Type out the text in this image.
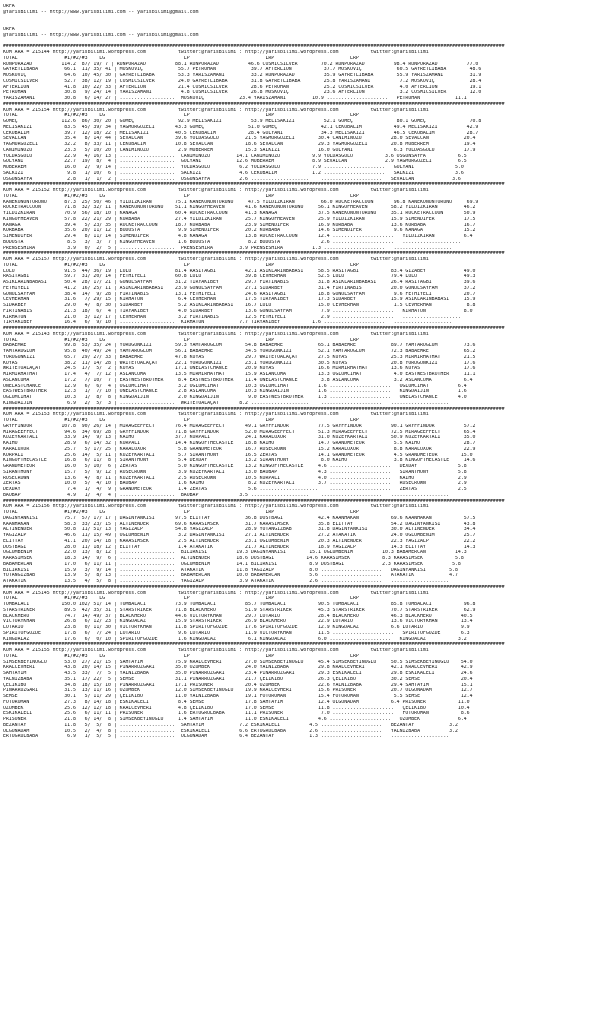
URFA
@YarisBilimi -- http://www.yarisbilimi.com -- yarisbilimi@gmail.com
URFA
@YarisBilimi -- http://www.yarisbilimi.com -- yarisbilimi@gmail.com
############################################################################################################################################################################
KUM ARA = 215144 http://yarisbilimi.wordpress.com           twitter:@YarisBilimi : http://yarisbilimi.wordpress.com           twitter:@YarisBilimi
TOTAL                #1/#2/#3    LG                           LP                          LRP                          LRP
RUNPORAZAD          114.2  87/ 19/ 7 | RUNPORAZAD          88.1 RUNPORAZAD          46.6 COSMICSILVER        70.2 RUNPORAZAD          98.4 RUNPORAZAD          77.0
GAYRETLIBABA         66.1  11/ 35/ 41 | MOSKOVIÇ            55.7 PETROHAN            39.7 AFTERLION           37.7 MOSKOVIÇ            60.5 GAYRETLIBABA        48.6
MOSKOVIÇ             64.6  10/ 45/ 30 | GAYRETLIBABA        53.3 YARISZAMANI         33.2 RUNPORAZAD          35.9 GAYRETLIBABA        55.9 YARISZAMANI         31.9
COSMICSILVER         52.7  38/ 12/ 19 | COSMICSILVER        24.0 GAYRETLIBABA        31.8 GAYRETLIBABA        25.8 YARISZAMANI          7.2 MOSKOVIÇ            28.4
AFTERLION            41.8  10/ 22/ 33 | AFTERLION           21.4 COSMICSILVER        28.6 PETROHAN            25.2 COSMICSILVER         4.0 AFTERLION           19.1
PETROHAN             30.8   9/ 24/ 14 | YARISZAMANI          4.8 COSMICSILVER        26.8 MOSKOVIÇ            23.6 AFTERLION            3.2 COSMICSILVER        12.0
YARISZAMANI          30.8   6/ 14/ 27 | ...................  MOSKOVIÇ            23.4 YARISZAMANI         10.9 .....................   PETROHAN            11.1
############################################################################################################################################################################
KUM ARA = 215154 http://yarisbilimi.wordpress.com           twitter:@YarisBilimi : http://yarisbilimi.wordpress.com           twitter:@YarisBilimi
TOTAL                #1/#2/#3    LG                           LP                          LRP                          LRP
GÖMEÇ               112.6  86/ 30/ 20 | GÖMEÇ               92.9 MELISAKIZI          53.9 MELISAKIZI          52.1 GÖMEÇ               80.1 GÖMEÇ               70.8
MELISAKIZI           83.5  45/ 39/ 34 | YAGMURGÜZELI       43.3 GÖMEÇ               51.0 GÖMEÇ               42.1 CEKUBALIM           49.4 MELISAKIZI          42.9
CEKUBALIM            39.7  12/ 18/ 22 | MELISAKIZI         40.5 CEKUBALIM           28.4 GÖLYANI             34.3 MELISAKIZI          46.5 CEKUBALIM           28.7
SEVALCAN             35.4   8/ 14/ 44 | SEVALCAN           39.6 YOLDASGÜLU         21.5 YAGMURGÜZELI        30.4 CANIMINÖZÜ          28.0 SEVALCAN            20.4
YAGMURGÜZELI         32.2   8/ 33/ 11 | CEKUBALIM          10.8 SEVALCAN           18.6 SEVALCAN            29.3 YAGMURGÜZELI        20.8 MÜBERREM            19.4
CANIMINÖZÜ           23.3   5/ 10/ 20 | CANIMINÖZÜ          2.9 MÜBERREM           15.3 SALKIZI             16.0 GÖLYANI              6.3 YOLDASGÜLU          17.9
YOLDASGÜLU           22.9   4/ 16/ 13 | ...................  CANIMINÖZÜ         14.1 CANIMINÖZÜ           9.9 YOLDASGÜLU           3.6 OSGÜNSAYFA           6.5
GÖLYANI              22.7  19/  8/  4 | ...................  GÖLYANI            12.6 MÜBERREM             8.9 SEVALCAN             2.9 YAGMURGÜZELI         6.5
MÜBERREM             16.0   2/  9/ 14 | ...................  YOLDASGÜLU          6.2 YOLDASGÜLU           7.9 .....................   GÖLYANI              5.0
SALKIZI               9.8   1/ 10/  6 | ...................  SALKIZI             4.6 CEKUBALIM            1.2 .....................   SALKIZI              3.6
OSGÜNSAYFA            2.8   1/  1/  2 | ...................  OSGÜNSAYFA          2.6 ....................    .....................   SEVALCAN             3.6
############################################################################################################################################################################
KUM ARA = 215152 http://yarisbilimi.wordpress.com           twitter:@YarisBilimi : http://yarisbilimi.wordpress.com           twitter:@YarisBilimi
TOTAL                #1/#2/#3    LG                           LP                          LRP                          LRP
KANEKONUNTORUNU      87.3  25/ 50/ 46 | YILDIZKIRAN        75.1 KANEKONUNTORUNU     47.5 YILDIZKIRAN         66.0 ROCKETRACCOON       96.8 KANEKONUNTORUNU     69.9
ROCKETRACCOON        71.8  32/ 32/ 11 | KANEKONUNTORUNU    51.1 KINGOFHEAVEN       41.6 KANEKONUNTORUNU     56.1 KINGOFHEAVEN        58.2 YILDIZKIRAN         46.2
YILDIZKIRAN          70.9  56/ 18/ 10 | KANAGA             60.4 ROCKETRACCOON      41.3 KANAGA              37.5 KANEKONUNTORUNU     35.1 ROCKETRACCOON       50.9
KINGOFHEAVEN         57.8  22/ 21/ 29 | KÖRBABA            27.4 YILDIZKIRAN        25.7 KINGOFHEAVEN        25.9 YILDIZKIRAN         15.9 SIMENDIFER          17.5
KANAGA               39.4   5/ 23/ 35 | ROCKETRACCOON      18.7 KÖRBABA            23.9 SIMENDIFER          16.9 KÖRBABA             13.6 KÖRBABA             16.7
KÖRBABA              35.6  20/ 11/ 12 | BODUSTA             9.9 SIMENDIFER         20.2 KÖRBABA             14.6 SIMENDIFER           9.6 KANAGA              15.2
SIMENDIFER           29.4   8/ 11/ 14 | SIMENDIFER          4.8 KANAGA             13.8 ROCKETRACCOON       12.4 .....................   YILDIZKIRAN          6.4
BODUSTA               8.5   3/  3/  7 | KINGOFHEAVEN        1.6 BODUSTA             8.2 BODUSTA              2.6 .....................   ....................
PRENSESHIRA           3.9   0/  2/  5 | ...................  PRENSESHIRA         3.9 PRENSESHIRA          1.3 .....................   ....................
############################################################################################################################################################################
KUM ARA = 215157 http://yarisbilimi.wordpress.com           twitter:@YarisBilimi : http://yarisbilimi.wordpress.com           twitter:@YarisBilimi
TOTAL                #1/#2/#3    LG                           LP                          LRP                          LRP
LULU                 91.5  44/ 36/ 19 | LULU               81.4 RASITAGBI          42.1 ASIKLARINBABASI     58.5 RASITAGBI           83.4 GIZABEY             49.0
RASITAGBI            59.7  31/ 20/ 14 | FETHIYELI          60.8 LULU               39.8 CEVHERHAN           52.5 LULU                79.4 LULU                49.3
ASIKLARINBABASI      50.4  28/ 17/ 21 | GÖNÜLSAYFAM        31.2 TIRYAKIBEY         29.7 FIRTINABIS          31.8 ASIKLARINBABASI     26.4 RASITAGBI           39.6
FETHIYELI            41.2  16/ 25/ 11 | ASIKLARINBABASI    23.9 GÖNÜLSAYFAM        27.1 SIDARBEY            31.4 FIRTINABIS          20.0 GÖNÜLSAYFAM         37.2
GÖNÜLSAYFAM          38.4  14/  9/ 28 | FIRTINABIS         13.1 FETHIYELI          24.6 RASITAGBI           18.8 GÖNÜLSAYFAM          9.6 FETHIYELI           20.7
CEVHERHAN            31.6   7/ 29/ 15 | KIRHATUN            6.4 CEVHERHAN          17.5 TIRYAKIBEY          17.3 SIDARBEY            15.9 ASIKLARINBABASI     15.9
SIDARBEY             29.0   4/  8/ 30 | SIDARBEY            5.2 ASIKLARINBABASI    16.7 LULU                15.0 CEVHERHAN            1.5 CEVHERHAN            8.8
FIRTINABIS           21.3  18/  6/  4 | TIRYAKIBEY          4.0 SIDARBEY           13.6 GÖNÜLSAYFAM          7.9 .....................   KIRHATUN             8.0
KIRHATUN             21.0   3/ 12/ 17 | CEVHERHAN           3.2 FIRTINABIS         12.5 FETHIYELI            2.9 .....................   ....................
TIRYAKIBEY           16.4   6/  9/ 10 | ...................  KIRHATUN            7.7 TIRYAKIBEY           1.6 .....................   ....................
############################################################################################################################################################################
KUM ARA = 215143 http://yarisbilimi.wordpress.com           twitter:@YarisBilimi : http://yarisbilimi.wordpress.com           twitter:@YarisBilimi
TOTAL                #1/#2/#3    LG                           LP                          LRP                          LRP
BABAEMRE             99.8  53/ 35/ 24 | YÖRÜGÜNKIZI        59.3 YAMTAROGLUM        54.8 BABAEMRE            65.1 BABAEMRE            89.7 YAMTAROGLUM         73.6
YAMTAROGLUM          95.8  40/ 49/ 24 | YAMTAROGLUM        56.1 BABAEMRE           34.5 YÖRÜGÜNKIZI         52.1 YAMTAROGLUM         72.3 BABAEMRE            65.2
YÖRÜGÜNKIZI          65.7  29/ 27/ 33 | BABAEMRE           47.8 KUYAS              29.7 WRITETOALAÇAT       27.5 KUYAS               25.3 MIRMIRHATHAT        21.5
KUYAS                38.2  11/ 14/ 28 | WRITETOALAÇAT      22.1 YÖRÜGÜNKIZI        23.1 YÖRÜGÜNKIZI         30.5 KUYAS               20.8 YÖRÜGÜNKIZI         17.6
WRITETOALAÇAT        24.5  17/  5/  2 | KUYAS              17.1 ONELASTCHANCE      20.9 KUYAS               16.6 MIRMIRHATHAT        13.6 KUYAS               17.6
MIRMIRHATHAT         17.4   4/  7/ 12 | ASLANCUMA          13.5 MIRMIRHATHAT       15.9 ASLANCUMA           13.3 OGLUMCIHAT           4.0 EASTWESTBROTHER     11.1
ASLANCUMA            17.2   7/ 10/  7 | EASTWESTBROTHER     8.4 EASTWESTBROTHER    11.4 ONELASTCHANCE        3.8 ASLANCUMA            3.2 ASLANCUMA           6.4
ONELASTCHANCE        12.9   6/  6/  4 | OGLUMCIHAT          3.2 OGLUMCIHAT         10.3 OGLUMCIHAT          1.6 .....................   OGLUMCIHAT          6.4
EASTWESTBROTHER      12.3   1/  7/ 10 | ONELASTCHANCE       2.8 ASLANCUMA          10.3 KINGDAIJIN          1.6 .....................   KINGDAIJIN          1.6
OGLUMCIHAT           10.3   1/  8/  8 | KINGDAIJIN          2.0 KINGDAIJIN          9.0 EASTWESTBROTHER     1.3 .....................   ONELASTCHANCE       4.0
KINGDAIJIN            6.9   2/  5/  3 | ...................  WRITETOALAÇAT       8.2 ....................    .....................   ....................
############################################################################################################################################################################
KUM ARA = 215153 http://yarisbilimi.wordpress.com           twitter:@YarisBilimi : http://yarisbilimi.wordpress.com           twitter:@YarisBilimi
TOTAL                #1/#2/#3    LG                           LP                          LRP                          LRP
GRYFFINDOR          107.8  90/ 26/ 14 | MIRAGEEFFECT       76.4 MIRAGEEFFECT       49.1 GRYFFINDOR          77.5 GRYFFINDOR          90.1 GRYFFINDOR          57.2
MIRAGEEFFECT         94.6  34/ 69/ 28 | GRYFFINDOR         71.8 GRYFFINDOR         52.0 MIRAGEEFFECT        51.3 MIRAGEEFFECT        72.5 MIRAGEEFFECT        65.4
KUZEYKARTALI         33.9  14/  9/ 13 | KAIHO              37.7 KORPALI            24.1 KARALUXOR           31.0 KUZEYKARTALI        50.9 KUZEYKARTALI        35.0
KAIHO                28.9   6/ 14/ 32 | KORPALI            14.4 KINGOFTHECASTLE    18.8 KAIHO               14.7 GRANDMETEOR          5.5 KAIHO               28.7
KARALUXOR            25.7   5/ 17/ 25 | KARALUXOR           5.8 GRANDMETEOR        16.7 ROSECROWN           15.2 KARALUXOR            8.8 KARALUXOR           22.9
KORPALI              25.6  14/  5/ 11 | KUZEYKARTALI        5.7 SIRANTHONY         16.5 ZERTAS              14.1 GRANDMETEOR          4.5 GRANDMETEOR        15.0
KINGOFTHECASTLE      16.8   6/ 11/  8 | SIRANTHONY          5.4 DEXDAY             13.2 SIRANTHONY           8.0 KAIHO                3.8 KINGOFTHECASTLE     14.6
GRANDMETEOR          16.0   5/ 10/  6 | ZERTAS              5.0 KINGOFTHECASTLE    13.2 KINGOFTHECASTLE     4.6 .....................   DEXDAY              5.8
SIRANTHONY           15.7   5/  9/ 12 | ROSECROWN           3.9 KUZEYKARTALI       13.0 BAOBAP              4.3 .....................   SIRANTHONY          5.8
ROSECROWN            13.6   4/  8/ 11 | KUZEYKARTALI        2.5 ROSECROWN          10.5 KORPALI             4.0 .....................   KAIHO               2.9
ZERTAS               10.0   5/  4/ 10 | BAOBAP              1.6 KAIHO               8.2 KUZEYKARTALI        3.7 .....................   ROSECROWN           2.9
DEXDAY                7.4   1/  4/  9 | GRANDMETEOR         1.4 ZERTAS              5.6 ....................    .....................   ZERTAS              2.5
BAOBAP                4.9   1/  4/  4 | ...................  BAOBAP              3.5 ....................    .....................   ....................
############################################################################################################################################################################
KUM ARA = 215156 http://yarisbilimi.wordpress.com           twitter:@YarisBilimi : http://yarisbilimi.wordpress.com           twitter:@YarisBilimi
TOTAL                #1/#2/#3    LG                           LP                          LRP                          LRP
DAGINYANKISI         75.7  57/ 17/ 17 | DAGINYANKISI       97.5 ELITTAY            36.8 DOSTBAGI            42.4 KAANHAKAN           69.6 KAANHAKAN           57.5
KAANHAKAN            58.3  33/ 23/ 15 | ALTINENDER         69.6 KARASIMSEK         31.7 KARASIMSEK          35.8 ELITTAY             54.2 DAGINYANKISI        43.8
ALTINENDER           50.8  11/ 51/ 13 | YAGIZALP           54.8 YAGIZALP           28.9 YUTANGIZBAB         31.8 DAGINYANKISI        30.0 ALTINENDER          34.4
YAGIZALP             46.6  11/ 15/ 49 | OGLUMBENIM          3.2 DAGINYANKISI       27.1 ALTINENDER          27.2 ATAKATIK            24.0 OGLUMBENIM          25.7
ELITTAY              41.1  20/ 14/ 18 | KARASIMSEK          2.5 ALTINENDER         23.1 OGLUMBENIM          20.3 ALTINENDER          22.3 YAGIZALP            22.2
DOSTBAGI             28.0  11/ 18/ 12 | ELITTAY             1.4 ATAKATIK           21.7 ALTINENDER          18.9 YAGIZALP            14.3 ELITTAY             14.3
OGLUMBENIM           22.0  13/  8/ 12 | ...................  BILIRKISI          19.3 DAGINYANKISI        15.1 OGLUMBENIM          10.3 BABAMERCAN          14.3
KARASIMSEK           18.3  14/  9/  6 | ...................  ALTINENDER         18.6 DOSTBAGI           14.6 KARASIMSEK           8.3 KARASIMSEK           5.8
BABAMERCAN           17.0   6/ 11/ 11 | ...................  OGLUMBENIM         14.1 BILIRKISI           8.9 DOSTBAGI             2.3 KARASIMSEK          5.8
BILIRKISI            15.9   3/  9/ 14 | ...................  ATAKATIK           11.8 YAGIZALP            8.0 .....................   DAGINYANKISI        5.8
YUTANGIZBAB          13.9   5/  8/ 13 | ...................  BABAMERCAN         10.0 BABAMERCAN          5.6 .....................   ATAKATIK            4.7
ATAKATIK             13.5   4/  5/  8 | ...................  YAGIZALP            3.9 ATAKATIK            2.6 .....................   ....................
############################################################################################################################################################################
KUM ARA = 215145 http://yarisbilimi.wordpress.com           twitter:@YarisBilimi : http://yarisbilimi.wordpress.com           twitter:@YarisBilimi
TOTAL                #1/#2/#3    LG                           LP                          LRP                          LRP
TOMBALACI           150.0 102/ 51/ 14 | TOMBALACI          73.9 TOMBALACI          85.7 TOMBALACI           90.5 TOMBALACI           85.8 TOMBALACI           96.8
STARSTRIKER          89.5  42/ 35/ 31 | STARSTRIKER        71.8 BLACKHERO          51.9 STARSTRIKER         45.3 STARSTRIKER         70.7 STARSTRIKER         62.9
BLACKHERO            74.7  14/ 49/ 37 | BLACKHERO          44.6 VICTORYKHAN        29.7 LOTARIO             28.4 BLACKHERO           46.3 BLACKHERO          40.5
VICTORYKHAN          26.8   6/ 12/ 23 | KINGDALAZ          15.9 STARSTRIKER        26.9 BLACKHERO           22.9 LOTARIO             13.6 VICTORYKHAN        13.4
LOTARIO              23.8   0/ 11/ 30 | VICTORYKHAN        11.8 SPIRITOFGÖZDE      17.6 SPIRITOFGÖZDE       12.9 KINGDALAZ           6.6 LOTARIO             9.9
SPIRITOFGÖZDE        17.8   6/  7/ 24 | LOTARIO             9.6 LOTARIO            11.9 VICTORYKHAN         11.5 .....................   SPIRITOFGÖZDE       6.3
KINGDALAZ            17.6   6/  0/ 10 | SPIRITOFGÖZDE       1.6 KINGDALAZ           6.1 KINGDALAZ           6.0 .....................   KINGDALAZ           3.2
############################################################################################################################################################################
KUM ARA = 215155 http://yarisbilimi.wordpress.com           twitter:@YarisBilimi : http://yarisbilimi.wordpress.com           twitter:@YarisBilimi
TOTAL                #1/#2/#3    LG                           LP                          LRP                          LRP
SIMSEKBEYINOGLU      53.0  27/ 21/ 15 | SAHTAYIM           75.9 KRALCEVHERI        27.0 SIMSEKBEYINOGLU     45.4 SIMSEKBEYINOGLU     50.5 SIMSEKBEYINOGLU    54.0
KRALCEVHERI          43.8  20/ 14/ 15 | PINARRÜZGARI       35.0 ÖZUMBEK            24.0 YALNIZBABA          29.8 KRALCEVHERI         42.1 KRALCEVHERI        42.9
SAHTAYIM             43.5  33/  7/  5 | YALNIZBABA         35.0 PINARRÜZGARI       23.4 PINARRÜZGARI        29.3 ESKIKALELI          29.8 ESKIKALELI         24.6
YALNIZBABA           35.1  17/ 22/  5 | SEMSE              31.1 PINARRÜZGARI       21.7 ÇELIKIBO            26.3 ÇELIKIBO            30.2 SEMSE              20.4
ÇELIKIBO             34.8  18/ 15/ 10 | PINARRÜZGARI       17.1 PRISONER           20.4 ÖZUMBEK             22.6 YALNIZBABA          29.4 SAHTAYIM           15.1
PINARRÜZGARI         31.5  13/ 11/ 16 | ÖZUMBEK            12.0 SIMSEKBEYINOGLU    19.9 KRALCEVHERI         15.6 PRISONER            20.7 OLGUNADAM          12.7
SEMSE                30.1   5/ 11/ 29 | ÇELIKIBO           11.0 YALNIZBABA         19.1 FOTOROMAN           15.4 FOTOROMAN            5.5 SEMSE              12.4
FOTOROMAN            27.3   8/ 14/ 18 | ESKIKALELI          8.4 SEMSE              17.8 SAHTAYIM            12.4 OLGUNADAM           6.4 PRISONER           11.0
ÖZUMBEK              25.6  12/ 12/ 18 | KRALCEVHERI         4.8 ÇELIKIBO           17.0 SEMSE               11.8 .....................   ÇELIKIBO           10.4
ESKIKALELI           25.6   6/ 11/ 11 | PRISONER            1.6 ERTUGRULBABA       11.1 PRISONER             7.0 .....................   FOTOROMAN           8.6
PRISONER             21.8   6/ 14/  8 | SIMSEKBEYINOGLU     1.4 SAHTAYIM           11.0 ESKIKALELI          4.6 .....................   ÖZUMBEK             6.4
BEZANTAY             11.8   5/  5/  8 | ...................  SAHTAYIM            7.2 ESKIKALELI          4.5 .....................   BEZANTAY            3.2
OLGUNADAM            10.5   2/  4/  8 | ...................  ESKIKALELI          6.6 ERTUGRULBABA        2.6 .....................   YALNIZBABA          3.2
ERTUGRULBABA          6.9   1/  5/  5 | ...................  OLGUNADAM           6.4 BEZANTAY            1.3 .....................   ....................
